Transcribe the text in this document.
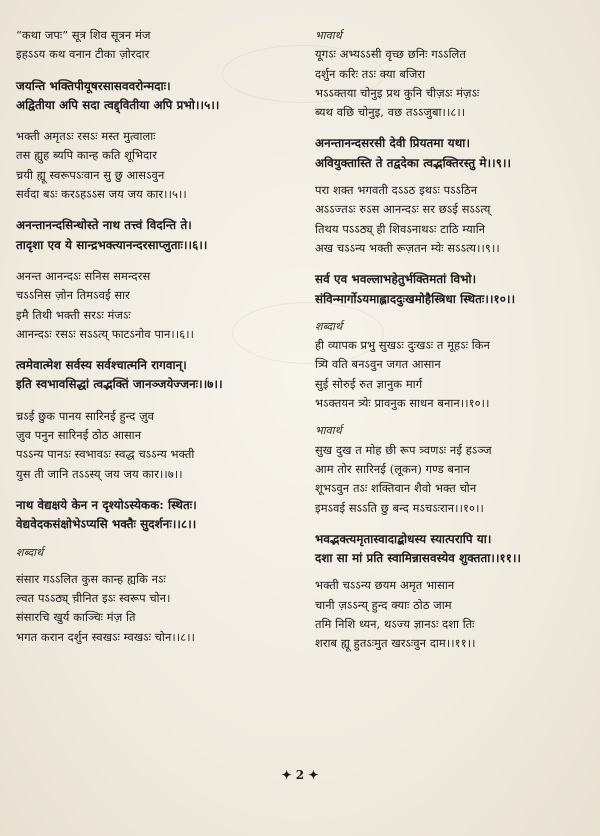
“कथा जपः” सूत्र शिव सूत्रन मंज
इहऽऽय कथ वनान टीका ज़ोरदार
जयन्ति भक्तिपीयूषरसासववरोन्मदाः।
अद्वितीया अपि सदा त्वद्द्वितीया अपि प्रभो।।५।।
भक्ती अमृतऽः रसऽः मस्त मुत्वालाः
तस ह्युह ब्यपि कान्ह कति शूभिदार
च्रयी ह्यू स्वरूपऽःवान सु छु आसऽवुन
सर्वदा बऽः करऽहऽऽस जय जय कार।।५।।
अनन्तानन्दसिन्धोस्ते नाथ तत्त्वं विदन्ति ते।
तादृशा एव ये सान्द्रभक्त्यानन्दरसाप्लुताः।।६।।
अनन्त आनन्दऽः सनिस समन्दरस
चऽऽनिस ज़ोन तिमऽवई सार
इमै तिथी भक्ती सरऽः मंजऽः
आनन्दऽः रसऽः सऽऽत्य् फाटऽनोव पान।।६।।
त्वमेवात्मेश सर्वस्य सर्वश्चात्मनि रागवान्।
इति स्वभावसिद्धां त्वद्भक्तिं जानञ्जयेज्जनः।।७।।
च्रऽई छुक पानय सारिनई हुन्द ज़ुव
ज़ुव पनुन सारिनई ठोठ आसान
पऽऽन्य पानऽः स्वभावऽः स्वद्ध चऽऽन्य भक्ती
युस ती जानि तऽऽस्य् जय जय कार।।७।।
नाथ वेद्यक्षये केन न दृश्योऽस्येकक: स्थितः।
वेद्यवेदकसंक्षोभेऽप्यसि भक्तैः सुदर्शनः।।८।।
शब्दार्थ
संसार गऽऽलित कुस कान्ह ह्यकि नऽः
ल्वत पऽऽठ्य् च़ीनित इऽः स्वरूप चोन।
संसारचि खुर्य काञ्चिः मंज़ ति
भगत करान दर्शुन स्वखऽः म्वखऽः चोन।।८।।
भावार्थ
यूगऽः अभ्यऽऽसी वृच्छ छनिः गऽऽलित
दर्शुन करिः तऽः क्या बजिरा
भऽऽक्तया चोनुइ प्रथ कुनि चीज़ऽः मंज़ऽः
ब्यथ वछि चोनुइ, वछ तऽऽजुबा।।८।।
अनन्तानन्दसरसी देवी प्रियतमा यथा।
अवियुक्तास्ति ते तद्वदेका त्वद्भक्तिरस्तु मे।।९।।
परा शक्त भगवती दऽऽठ इथऽः पऽऽठिन
अऽऽज्तऽः रुऽस आनन्दऽः सर छऽई सऽऽत्य्
तिथय पऽऽठ्य् ही शिवऽनाथऽः टाठि म्यानि
अख चऽऽन्य भक्ती रूज़तन म्येः सऽऽत्य।।९।।
सर्व एव भवल्लाभहेतुर्भक्तिमतां विभो।
संविन्मार्गोऽयमाह्लाददुःखमोहैस्त्रिधा स्थितः।।१०।।
शब्दार्थ
ही व्यापक प्रभु सुखऽः दुःखऽः त मूहऽः किन
त्र्यि वति बनऽवुन जगत आसान
सुई सोरुई रुत ज्ञानुक मार्ग
भऽक्तयन त्र्येः प्रावनुक साधन बनान।।१०।।
भावार्थ
सुख दुख त मोह छी रूप त्र्वणऽः नई हऽञ्ज
आम तोर सारिनई (लूकन) गण्ड बनान
शूभऽवुन तऽः शक्तिवान शैवो भक्त चोन
इमऽवई सऽऽति छु बन्द मऽचऽःरान।।१०।।
भवद्भक्त्यमृतास्वादाद्बोधस्य स्यात्परापि या।
दशा सा मां प्रति स्वामिन्नासवस्येव शुक्तता।।११।।
भक्ती चऽऽन्य छयम अमृत भासान
चानी ज़ऽऽन्य् हुन्द क्याः ठोठ जाम
तमि निशि ध्यन, थऽज्य ज्ञानऽः दशा तिः
शराब ह्यू हुतऽःमुत खरऽःवुन दाम।।११।।
✦ 2 ✦
